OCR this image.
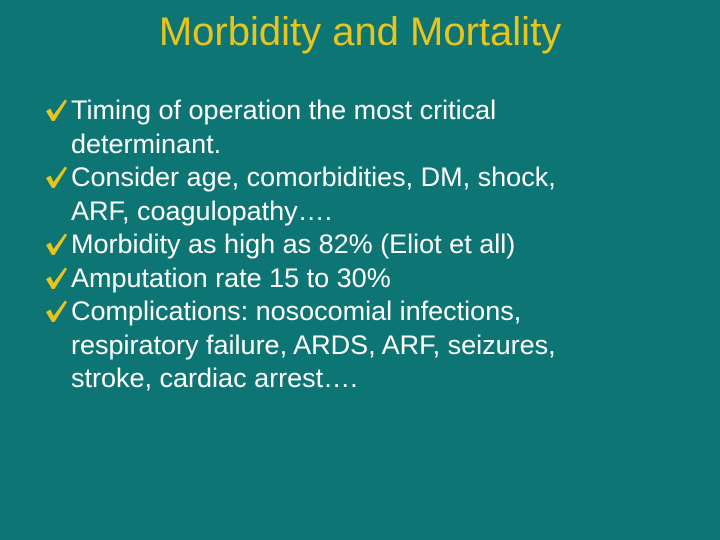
Morbidity and Mortality
Timing of operation the most critical
determinant.
Consider age, comorbidities, DM, shock,
ARF, coagulopathy….
Morbidity as high as 82% (Eliot et all)
Amputation rate 15 to 30%
Complications: nosocomial infections,
respiratory failure, ARDS, ARF, seizures,
stroke, cardiac arrest….
